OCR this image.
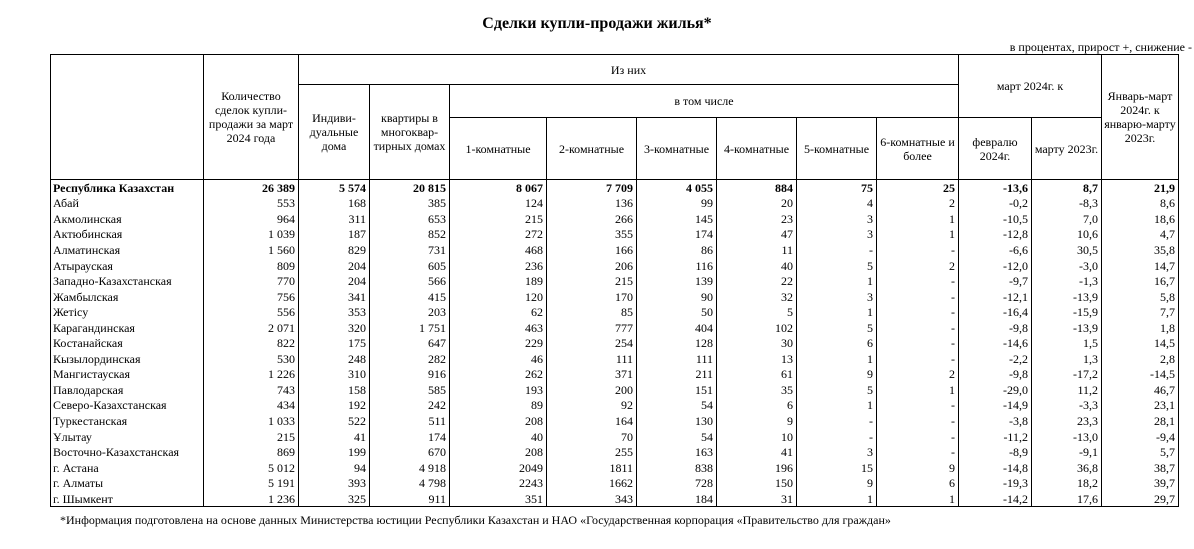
Сделки купли-продажи жилья*
в процентах, прирост +, снижение -
	Количество сделок купли-продажи за март 2024 года	Из них								март 2024г. к		Январь-март 2024г. к январю-марту 2023г.
		Индиви-дуальные дома	квартиры в многоквар-тирных домах	в том числе								
				1-комнатные	2-комнатные	3-комнатные	4-комнатные	5-комнатные	6-комнатные и более	февралю 2024г.	марту 2023г.	
Республика Казахстан	26 389	5 574	20 815	8 067	7 709	4 055	884	75	25	-13,6	8,7	21,9
Абай	553	168	385	124	136	99	20	4	2	-0,2	-8,3	8,6
Акмолинская	964	311	653	215	266	145	23	3	1	-10,5	7,0	18,6
Актюбинская	1 039	187	852	272	355	174	47	3	1	-12,8	10,6	4,7
Алматинская	1 560	829	731	468	166	86	11	-	-	-6,6	30,5	35,8
Атырауская	809	204	605	236	206	116	40	5	2	-12,0	-3,0	14,7
Западно-Казахстанская	770	204	566	189	215	139	22	1	-	-9,7	-1,3	16,7
Жамбылская	756	341	415	120	170	90	32	3	-	-12,1	-13,9	5,8
Жетісу	556	353	203	62	85	50	5	1	-	-16,4	-15,9	7,7
Карагандинская	2 071	320	1 751	463	777	404	102	5	-	-9,8	-13,9	1,8
Костанайская	822	175	647	229	254	128	30	6	-	-14,6	1,5	14,5
Кызылординская	530	248	282	46	111	111	13	1	-	-2,2	1,3	2,8
Мангистауская	1 226	310	916	262	371	211	61	9	2	-9,8	-17,2	-14,5
Павлодарская	743	158	585	193	200	151	35	5	1	-29,0	11,2	46,7
Северо-Казахстанская	434	192	242	89	92	54	6	1	-	-14,9	-3,3	23,1
Туркестанская	1 033	522	511	208	164	130	9	-	-	-3,8	23,3	28,1
Ұлытау	215	41	174	40	70	54	10	-	-	-11,2	-13,0	-9,4
Восточно-Казахстанская	869	199	670	208	255	163	41	3	-	-8,9	-9,1	5,7
г. Астана	5 012	94	4 918	2049	1811	838	196	15	9	-14,8	36,8	38,7
г. Алматы	5 191	393	4 798	2243	1662	728	150	9	6	-19,3	18,2	39,7
г. Шымкент	1 236	325	911	351	343	184	31	1	1	-14,2	17,6	29,7
*Информация подготовлена на основе данных Министерства юстиции Республики Казахстан и НАО «Государственная корпорация «Правительство для граждан»
